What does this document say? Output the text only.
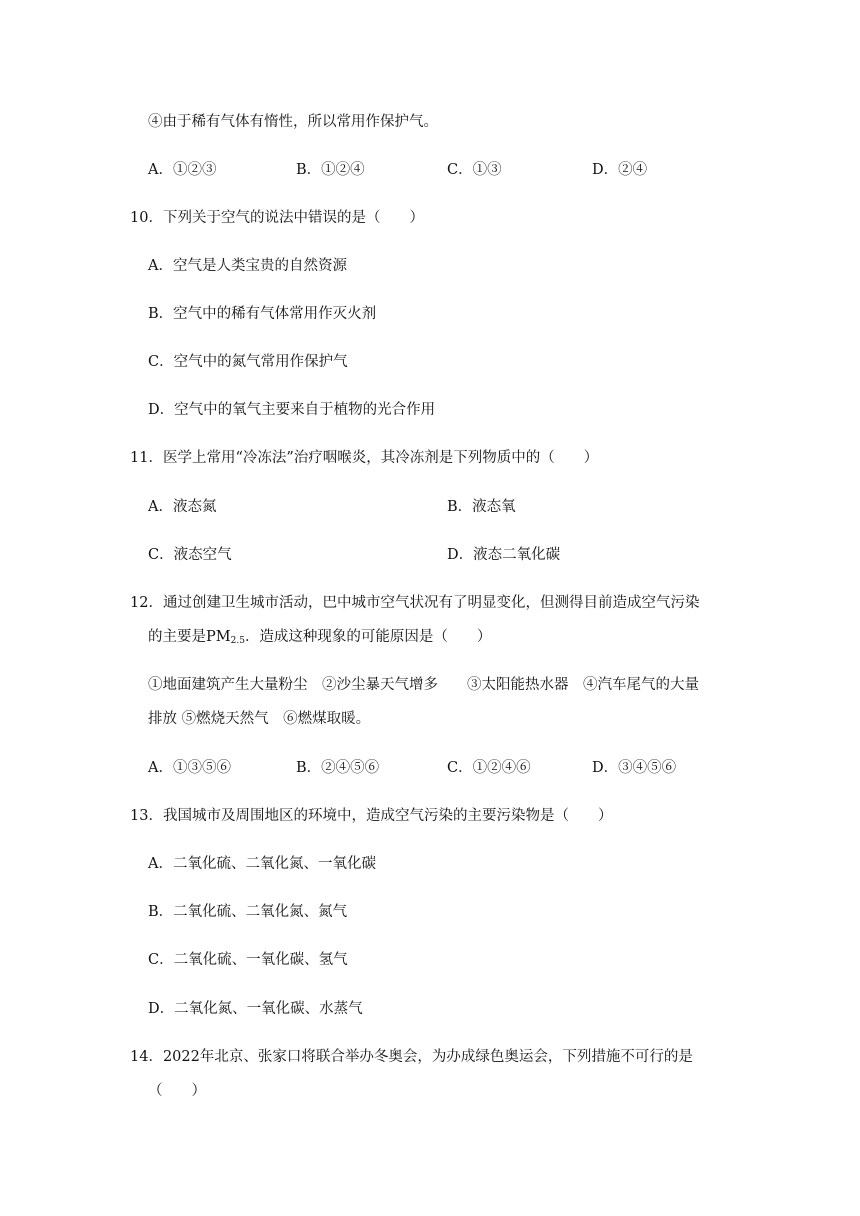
④由于稀有气体有惰性，所以常用作保护气。
A．①②③	B．①②④	C．①③	D．②④
10．下列关于空气的说法中错误的是（　　）
A．空气是人类宝贵的自然资源
B．空气中的稀有气体常用作灭火剂
C．空气中的氮气常用作保护气
D．空气中的氧气主要来自于植物的光合作用
11．医学上常用“冷冻法”治疗咽喉炎，其冷冻剂是下列物质中的（　　）
A．液态氮	B．液态氧
C．液态空气	D．液态二氧化碳
12．通过创建卫生城市活动，巴中城市空气状况有了明显变化，但测得目前造成空气污染
的主要是$PM_{2.5}$．造成这种现象的可能原因是（　　）
①地面建筑产生大量粉尘　②沙尘暴天气增多　　③太阳能热水器　④汽车尾气的大量
排放 ⑤燃烧天然气　⑥燃煤取暖。
A．①③⑤⑥	B．②④⑤⑥	C．①②④⑥	D．③④⑤⑥
13．我国城市及周围地区的环境中，造成空气污染的主要污染物是（　　）
A．二氧化硫、二氧化氮、一氧化碳
B．二氧化硫、二氧化氮、氮气
C．二氧化硫、一氧化碳、氢气
D．二氧化氮、一氧化碳、水蒸气
14．2022年北京、张家口将联合举办冬奥会，为办成绿色奥运会，下列措施不可行的是
（　　）
